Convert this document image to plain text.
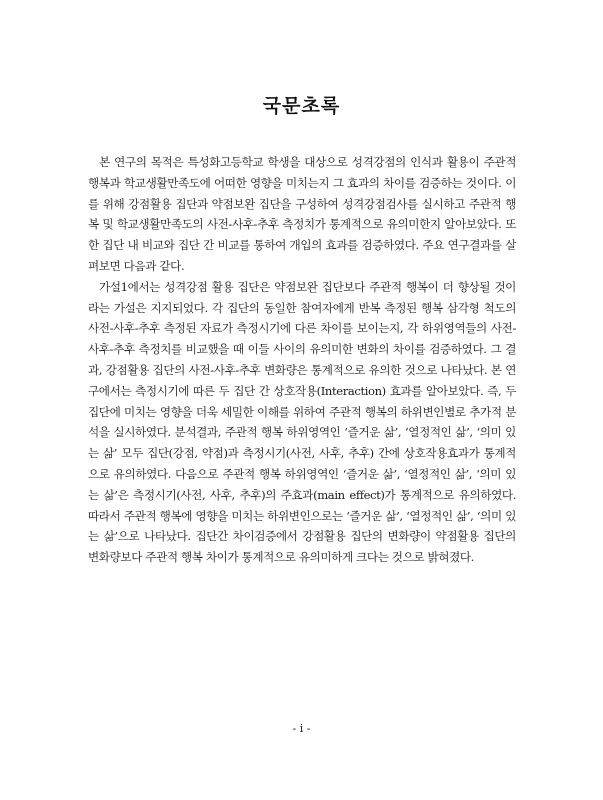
국문초록

본 연구의 목적은 특성화고등학교 학생을 대상으로 성격강점의 인식과 활용이 주관적 행복과 학교생활만족도에 어떠한 영향을 미치는지 그 효과의 차이를 검증하는 것이다. 이를 위해 강점활용 집단과 약점보완 집단을 구성하여 성격강점검사를 실시하고 주관적 행복 및 학교생활만족도의 사전-사후-추후 측정치가 통계적으로 유의미한지 알아보았다. 또한 집단 내 비교와 집단 간 비교를 통하여 개입의 효과를 검증하였다. 주요 연구결과를 살펴보면 다음과 같다.

가설1에서는 성격강점 활용 집단은 약점보완 집단보다 주관적 행복이 더 향상될 것이라는 가설은 지지되었다. 각 집단의 동일한 참여자에게 반복 측정된 행복 삼각형 척도의 사전-사후-추후 측정된 자료가 측정시기에 다른 차이를 보이는지, 각 하위영역들의 사전-사후-추후 측정치를 비교했을 때 이들 사이의 유의미한 변화의 차이를 검증하였다. 그 결과, 강점활용 집단의 사전-사후-추후 변화량은 통계적으로 유의한 것으로 나타났다. 본 연구에서는 측정시기에 따른 두 집단 간 상호작용(Interaction) 효과를 알아보았다. 즉, 두 집단에 미치는 영향을 더욱 세밀한 이해를 위하여 주관적 행복의 하위변인별로 추가적 분석을 실시하였다. 분석결과, 주관적 행복 하위영역인 ‘즐거운 삶’, ‘열정적인 삶’, ‘의미 있는 삶’ 모두 집단(강점, 약점)과 측정시기(사전, 사후, 추후) 간에 상호작용효과가 통계적으로 유의하였다. 다음으로 주관적 행복 하위영역인 ‘즐거운 삶’, ‘열정적인 삶’, ‘의미 있는 삶’은 측정시기(사전, 사후, 추후)의 주효과(main effect)가 통계적으로 유의하였다. 따라서 주관적 행복에 영향을 미치는 하위변인으로는 ‘즐거운 삶’, ‘열정적인 삶’, ‘의미 있는 삶’으로 나타났다. 집단간 차이검증에서 강점활용 집단의 변화량이 약점활용 집단의 변화량보다 주관적 행복 차이가 통계적으로 유의미하게 크다는 것으로 밝혀졌다.

- i -
